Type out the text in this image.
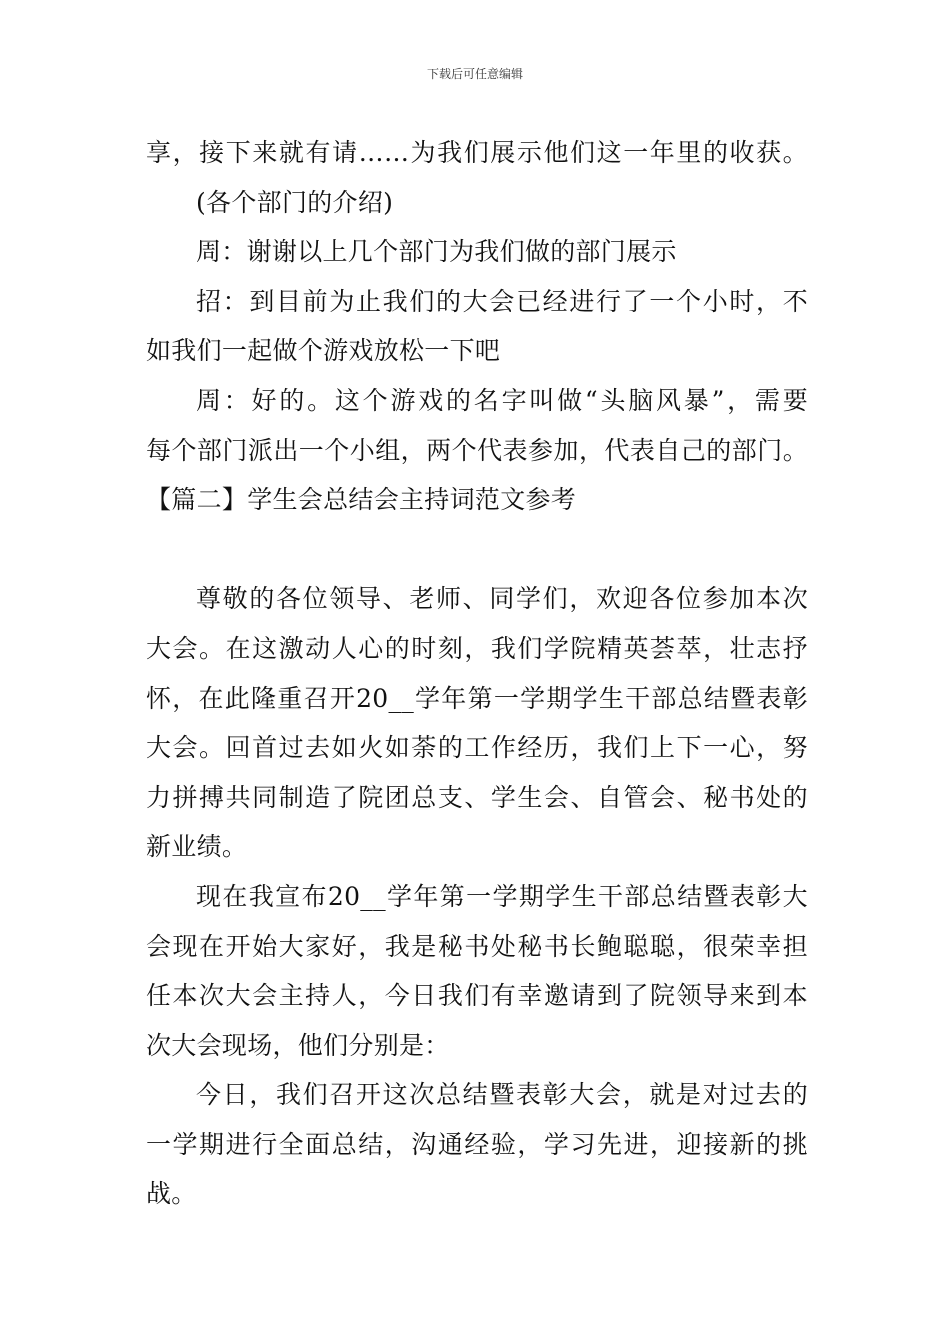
下载后可任意编辑
享，接下来就有请……为我们展示他们这一年里的收获。
(各个部门的介绍)
周：谢谢以上几个部门为我们做的部门展示
招：到目前为止我们的大会已经进行了一个小时，不
如我们一起做个游戏放松一下吧
周：好的。这个游戏的名字叫做“头脑风暴”，需要
每个部门派出一个小组，两个代表参加，代表自己的部门。
【篇二】学生会总结会主持词范文参考
尊敬的各位领导、老师、同学们，欢迎各位参加本次
大会。在这激动人心的时刻，我们学院精英荟萃，壮志抒
怀，在此隆重召开20__学年第一学期学生干部总结暨表彰
大会。回首过去如火如荼的工作经历，我们上下一心，努
力拼搏共同制造了院团总支、学生会、自管会、秘书处的
新业绩。
现在我宣布20__学年第一学期学生干部总结暨表彰大
会现在开始大家好，我是秘书处秘书长鲍聪聪，很荣幸担
任本次大会主持人，今日我们有幸邀请到了院领导来到本
次大会现场，他们分别是：
今日，我们召开这次总结暨表彰大会，就是对过去的
一学期进行全面总结，沟通经验，学习先进，迎接新的挑
战。
